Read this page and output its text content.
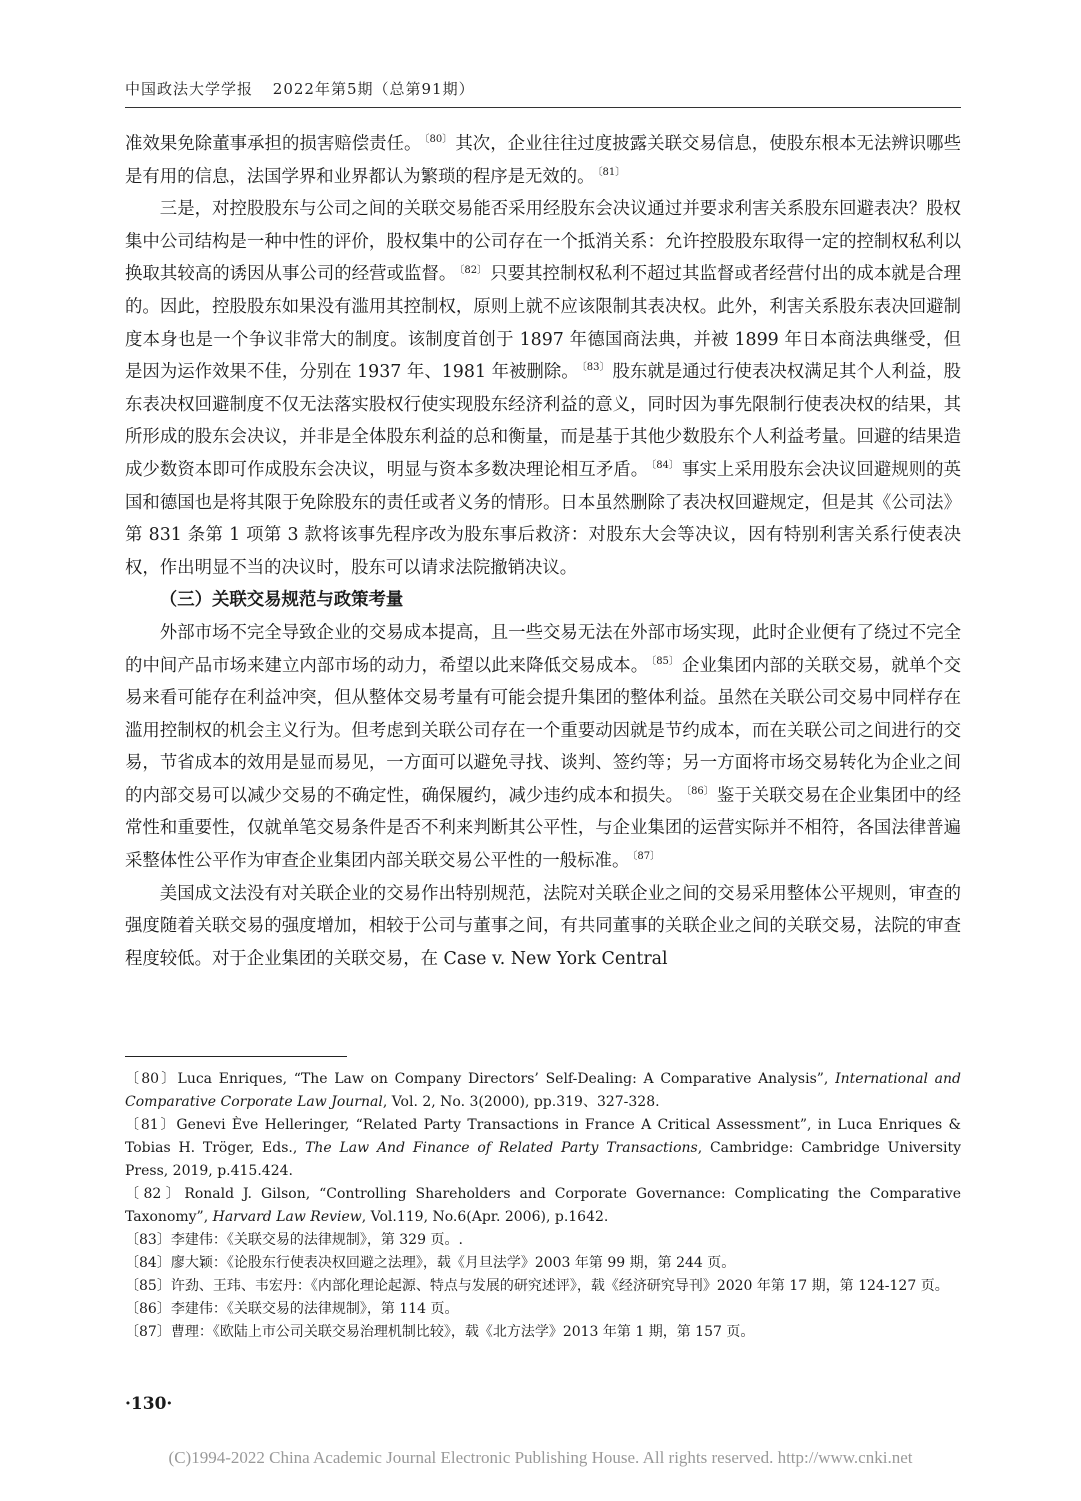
中国政法大学学报 2022年第5期（总第91期）

准效果免除董事承担的损害赔偿责任。 $^{〔80〕}$ 其次，企业往往过度披露关联交易信息，使股东根本无法辨识哪些是有用的信息，法国学界和业界都认为繁琐的程序是无效的。 $^{〔81〕}$

三是，对控股股东与公司之间的关联交易能否采用经股东会决议通过并要求利害关系股东回避表决？股权集中公司结构是一种中性的评价，股权集中的公司存在一个抵消关系：允许控股股东取得一定的控制权私利以换取其较高的诱因从事公司的经营或监督。 $^{〔82〕}$ 只要其控制权私利不超过其监督或者经营付出的成本就是合理的。因此，控股股东如果没有滥用其控制权，原则上就不应该限制其表决权。此外，利害关系股东表决回避制度本身也是一个争议非常大的制度。该制度首创于 1897 年德国商法典，并被 1899 年日本商法典继受，但是因为运作效果不佳，分别在 1937 年、1981 年被删除。 $^{〔83〕}$ 股东就是通过行使表决权满足其个人利益，股东表决权回避制度不仅无法落实股权行使实现股东经济利益的意义，同时因为事先限制行使表决权的结果，其所形成的股东会决议，并非是全体股东利益的总和衡量，而是基于其他少数股东个人利益考量。回避的结果造成少数资本即可作成股东会决议，明显与资本多数决理论相互矛盾。 $^{〔84〕}$ 事实上采用股东会决议回避规则的英国和德国也是将其限于免除股东的责任或者义务的情形。日本虽然删除了表决权回避规定，但是其《公司法》第 831 条第 1 项第 3 款将该事先程序改为股东事后救济：对股东大会等决议，因有特别利害关系行使表决权，作出明显不当的决议时，股东可以请求法院撤销决议。

（三）关联交易规范与政策考量

外部市场不完全导致企业的交易成本提高，且一些交易无法在外部市场实现，此时企业便有了绕过不完全的中间产品市场来建立内部市场的动力，希望以此来降低交易成本。 $^{〔85〕}$ 企业集团内部的关联交易，就单个交易来看可能存在利益冲突，但从整体交易考量有可能会提升集团的整体利益。虽然在关联公司交易中同样存在滥用控制权的机会主义行为。但考虑到关联公司存在一个重要动因就是节约成本，而在关联公司之间进行的交易，节省成本的效用是显而易见，一方面可以避免寻找、谈判、签约等；另一方面将市场交易转化为企业之间的内部交易可以减少交易的不确定性，确保履约，减少违约成本和损失。 $^{〔86〕}$ 鉴于关联交易在企业集团中的经常性和重要性，仅就单笔交易条件是否不利来判断其公平性，与企业集团的运营实际并不相符，各国法律普遍采整体性公平作为审查企业集团内部关联交易公平性的一般标准。 $^{〔87〕}$

美国成文法没有对关联企业的交易作出特别规范，法院对关联企业之间的交易采用整体公平规则，审查的强度随着关联交易的强度增加，相较于公司与董事之间，有共同董事的关联企业之间的关联交易，法院的审查程度较低。对于企业集团的关联交易，在 Case v. New York Central

〔80〕Luca Enriques, “The Law on Company Directors’ Self-Dealing: A Comparative Analysis”, International and Comparative Corporate Law Journal, Vol. 2, No. 3(2000), pp.319、327-328.

〔81〕Genevi Ève Helleringer, “Related Party Transactions in France A Critical Assessment”, in Luca Enriques & Tobias H. Tröger, Eds., The Law And Finance of Related Party Transactions, Cambridge: Cambridge University Press, 2019, p.415.424.

〔82〕Ronald J. Gilson, “Controlling Shareholders and Corporate Governance: Complicating the Comparative Taxonomy”, Harvard Law Review, Vol.119, No.6(Apr. 2006), p.1642.

〔83〕李建伟：《关联交易的法律规制》，第 329 页。.

〔84〕廖大颖：《论股东行使表决权回避之法理》，载《月旦法学》2003 年第 99 期，第 244 页。

〔85〕许劲、王玮、韦宏丹：《内部化理论起源、特点与发展的研究述评》，载《经济研究导刊》2020 年第 17 期，第 124-127 页。

〔86〕李建伟：《关联交易的法律规制》，第 114 页。

〔87〕曹理：《欧陆上市公司关联交易治理机制比较》，载《北方法学》2013 年第 1 期，第 157 页。

·130·
(C)1994-2022 China Academic Journal Electronic Publishing House. All rights reserved. http://www.cnki.net
